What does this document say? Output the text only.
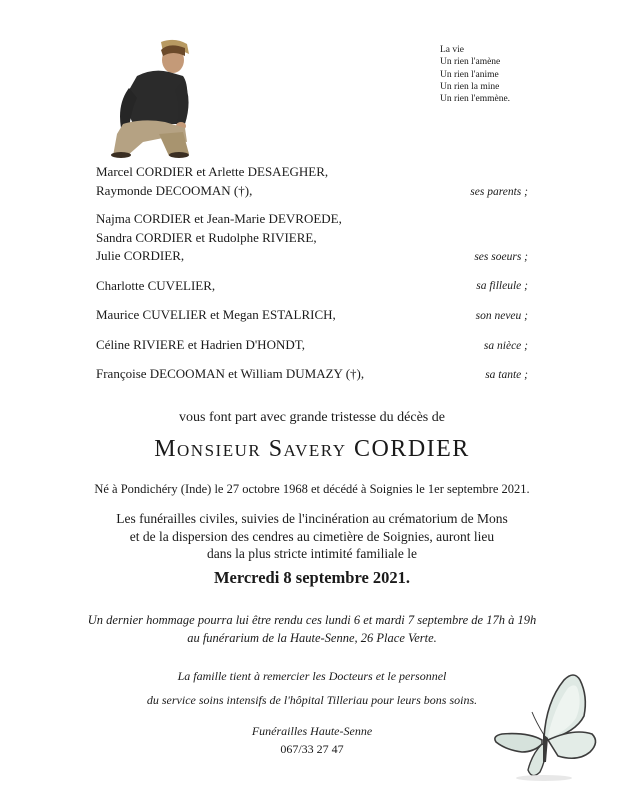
La vie
Un rien l'amène
Un rien l'anime
Un rien la mine
Un rien l'emmène.
Marcel CORDIER et Arlette DESAEGHER,
Raymonde DECOOMAN (†),	ses parents ;
Najma CORDIER et Jean-Marie DEVROEDE,
Sandra CORDIER et Rudolphe RIVIERE,
Julie CORDIER,	ses soeurs ;
Charlotte CUVELIER,	sa filleule ;
Maurice CUVELIER et Megan ESTALRICH,	son neveu ;
Céline RIVIERE et Hadrien D'HONDT,	sa nièce ;
Françoise DECOOMAN et William DUMAZY (†),	sa tante ;
vous font part avec grande tristesse du décès de
Monsieur Savery CORDIER
Né à Pondichéry (Inde) le 27 octobre 1968 et décédé à Soignies le 1er septembre 2021.
Les funérailles civiles, suivies de l'incinération au crématorium de Mons
et de la dispersion des cendres au cimetière de Soignies, auront lieu
dans la plus stricte intimité familiale le
Mercredi 8 septembre 2021.
Un dernier hommage pourra lui être rendu ces lundi 6 et mardi 7 septembre de 17h à 19h
au funérarium de la Haute-Senne, 26 Place Verte.
La famille tient à remercier les Docteurs et le personnel
du service soins intensifs de l'hôpital Tilleriau pour leurs bons soins.
Funérailles Haute-Senne
067/33 27 47
